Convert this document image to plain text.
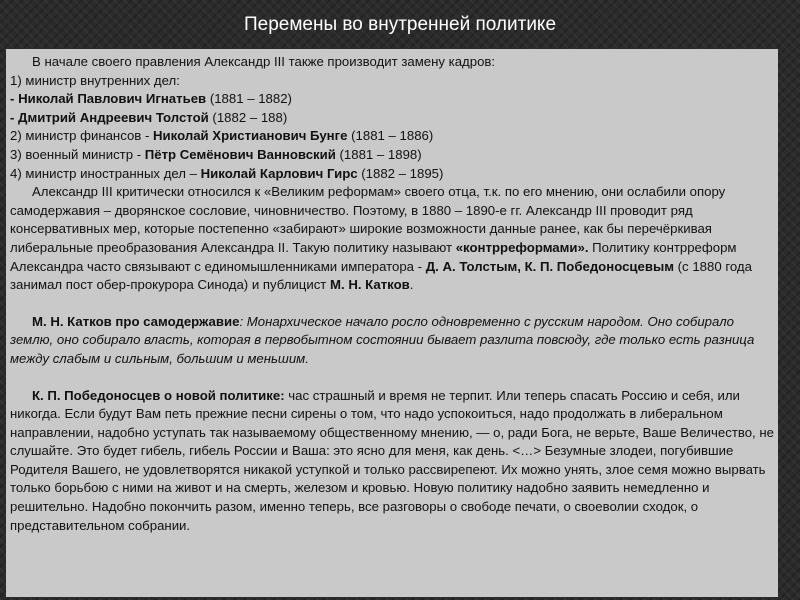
Перемены во внутренней политике
В начале своего правления Александр III также производит замену кадров:
1) министр внутренних дел:
- Николай Павлович Игнатьев (1881 – 1882)
- Дмитрий Андреевич Толстой (1882 – 188)
2) министр финансов - Николай Христианович Бунге (1881 – 1886)
3) военный министр - Пётр Семёнович Ванновский (1881 – 1898)
4) министр иностранных дел – Николай Карлович Гирс (1882 – 1895)

Александр III критически относился к «Великим реформам» своего отца, т.к. по его мнению, они ослабили опору самодержавия – дворянское сословие, чиновничество. Поэтому, в 1880 – 1890-е гг. Александр III проводит ряд консервативных мер, которые постепенно «забирают» широкие возможности данные ранее, как бы перечёркивая либеральные преобразования Александра II. Такую политику называют «контрреформами». Политику контрреформ Александра часто связывают с единомышленниками императора - Д. А. Толстым, К. П. Победоносцевым (с 1880 года занимал пост обер-прокурора Синода) и публицист М. Н. Катков.

М. Н. Катков про самодержавие: Монархическое начало росло одновременно с русским народом. Оно собирало землю, оно собирало власть, которая в первобытном состоянии бывает разлита повсюду, где только есть разница между слабым и сильным, большим и меньшим.

К. П. Победоносцев о новой политике: час страшный и время не терпит. Или теперь спасать Россию и себя, или никогда. Если будут Вам петь прежние песни сирены о том, что надо успокоиться, надо продолжать в либеральном направлении, надобно уступать так называемому общественному мнению, — о, ради Бога, не верьте, Ваше Величество, не слушайте. Это будет гибель, гибель России и Ваша: это ясно для меня, как день. <…> Безумные злодеи, погубившие Родителя Вашего, не удовлетворятся никакой уступкой и только рассвирепеют. Их можно унять, злое семя можно вырвать только борьбою с ними на живот и на смерть, железом и кровью. Новую политику надобно заявить немедленно и решительно. Надобно покончить разом, именно теперь, все разговоры о свободе печати, о своеволии сходок, о представительном собрании.
